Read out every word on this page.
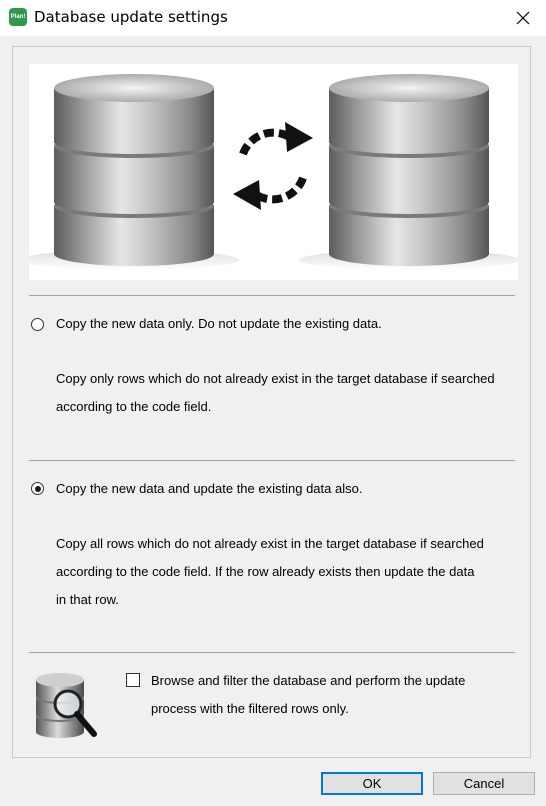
Plan! Database update settings
Copy the new data only. Do not update the existing data.
Copy only rows which do not already exist in the target database if searched
according to the code field.
Copy the new data and update the existing data also.
Copy all rows which do not already exist in the target database if searched
according to the code field. If the row already exists then update the data
in that row.
Browse and filter the database and perform the update
process with the filtered rows only.
OK	Cancel
